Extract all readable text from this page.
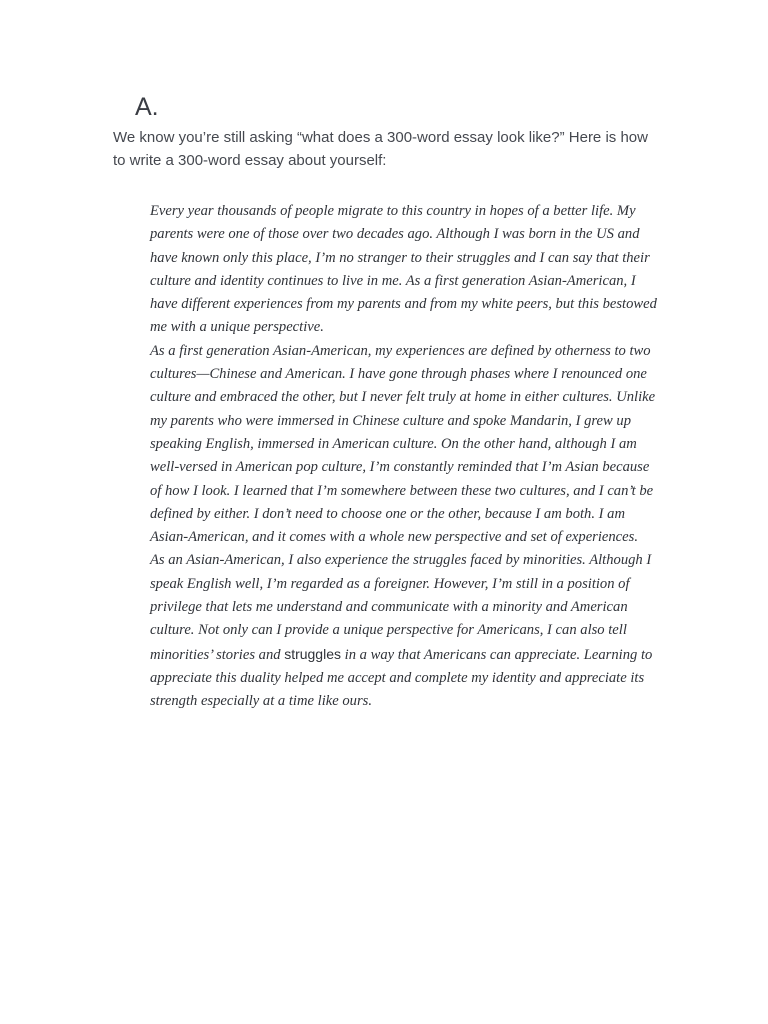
A.

We know you’re still asking “what does a 300-word essay look like?” Here is how to write a 300-word essay about yourself:

Every year thousands of people migrate to this country in hopes of a better life. My parents were one of those over two decades ago. Although I was born in the US and have known only this place, I’m no stranger to their struggles and I can say that their culture and identity continues to live in me. As a first generation Asian-American, I have different experiences from my parents and from my white peers, but this bestowed me with a unique perspective.

As a first generation Asian-American, my experiences are defined by otherness to two cultures—Chinese and American. I have gone through phases where I renounced one culture and embraced the other, but I never felt truly at home in either cultures. Unlike my parents who were immersed in Chinese culture and spoke Mandarin, I grew up speaking English, immersed in American culture. On the other hand, although I am well-versed in American pop culture, I’m constantly reminded that I’m Asian because of how I look. I learned that I’m somewhere between these two cultures, and I can’t be defined by either. I don’t need to choose one or the other, because I am both. I am Asian-American, and it comes with a whole new perspective and set of experiences.

As an Asian-American, I also experience the struggles faced by minorities. Although I speak English well, I’m regarded as a foreigner. However, I’m still in a position of privilege that lets me understand and communicate with a minority and American culture. Not only can I provide a unique perspective for Americans, I can also tell minorities’ stories and struggles in a way that Americans can appreciate. Learning to appreciate this duality helped me accept and complete my identity and appreciate its strength especially at a time like ours.
